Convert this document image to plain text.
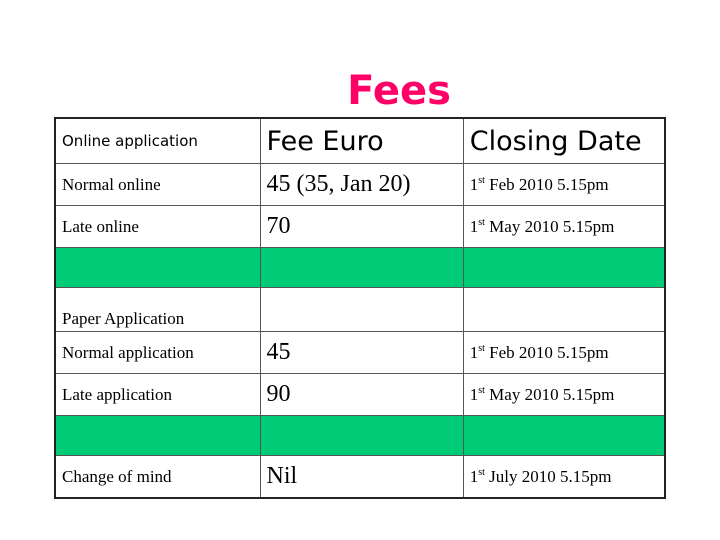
Fees
Online application	Fee Euro	Closing Date
Normal online	45 (35, Jan 20)	1st Feb 2010 5.15pm
Late online	70	1st May 2010 5.15pm

Paper Application		
Normal application	45	1st Feb 2010 5.15pm
Late application	90	1st May 2010 5.15pm

Change of mind	Nil	1st July 2010 5.15pm
